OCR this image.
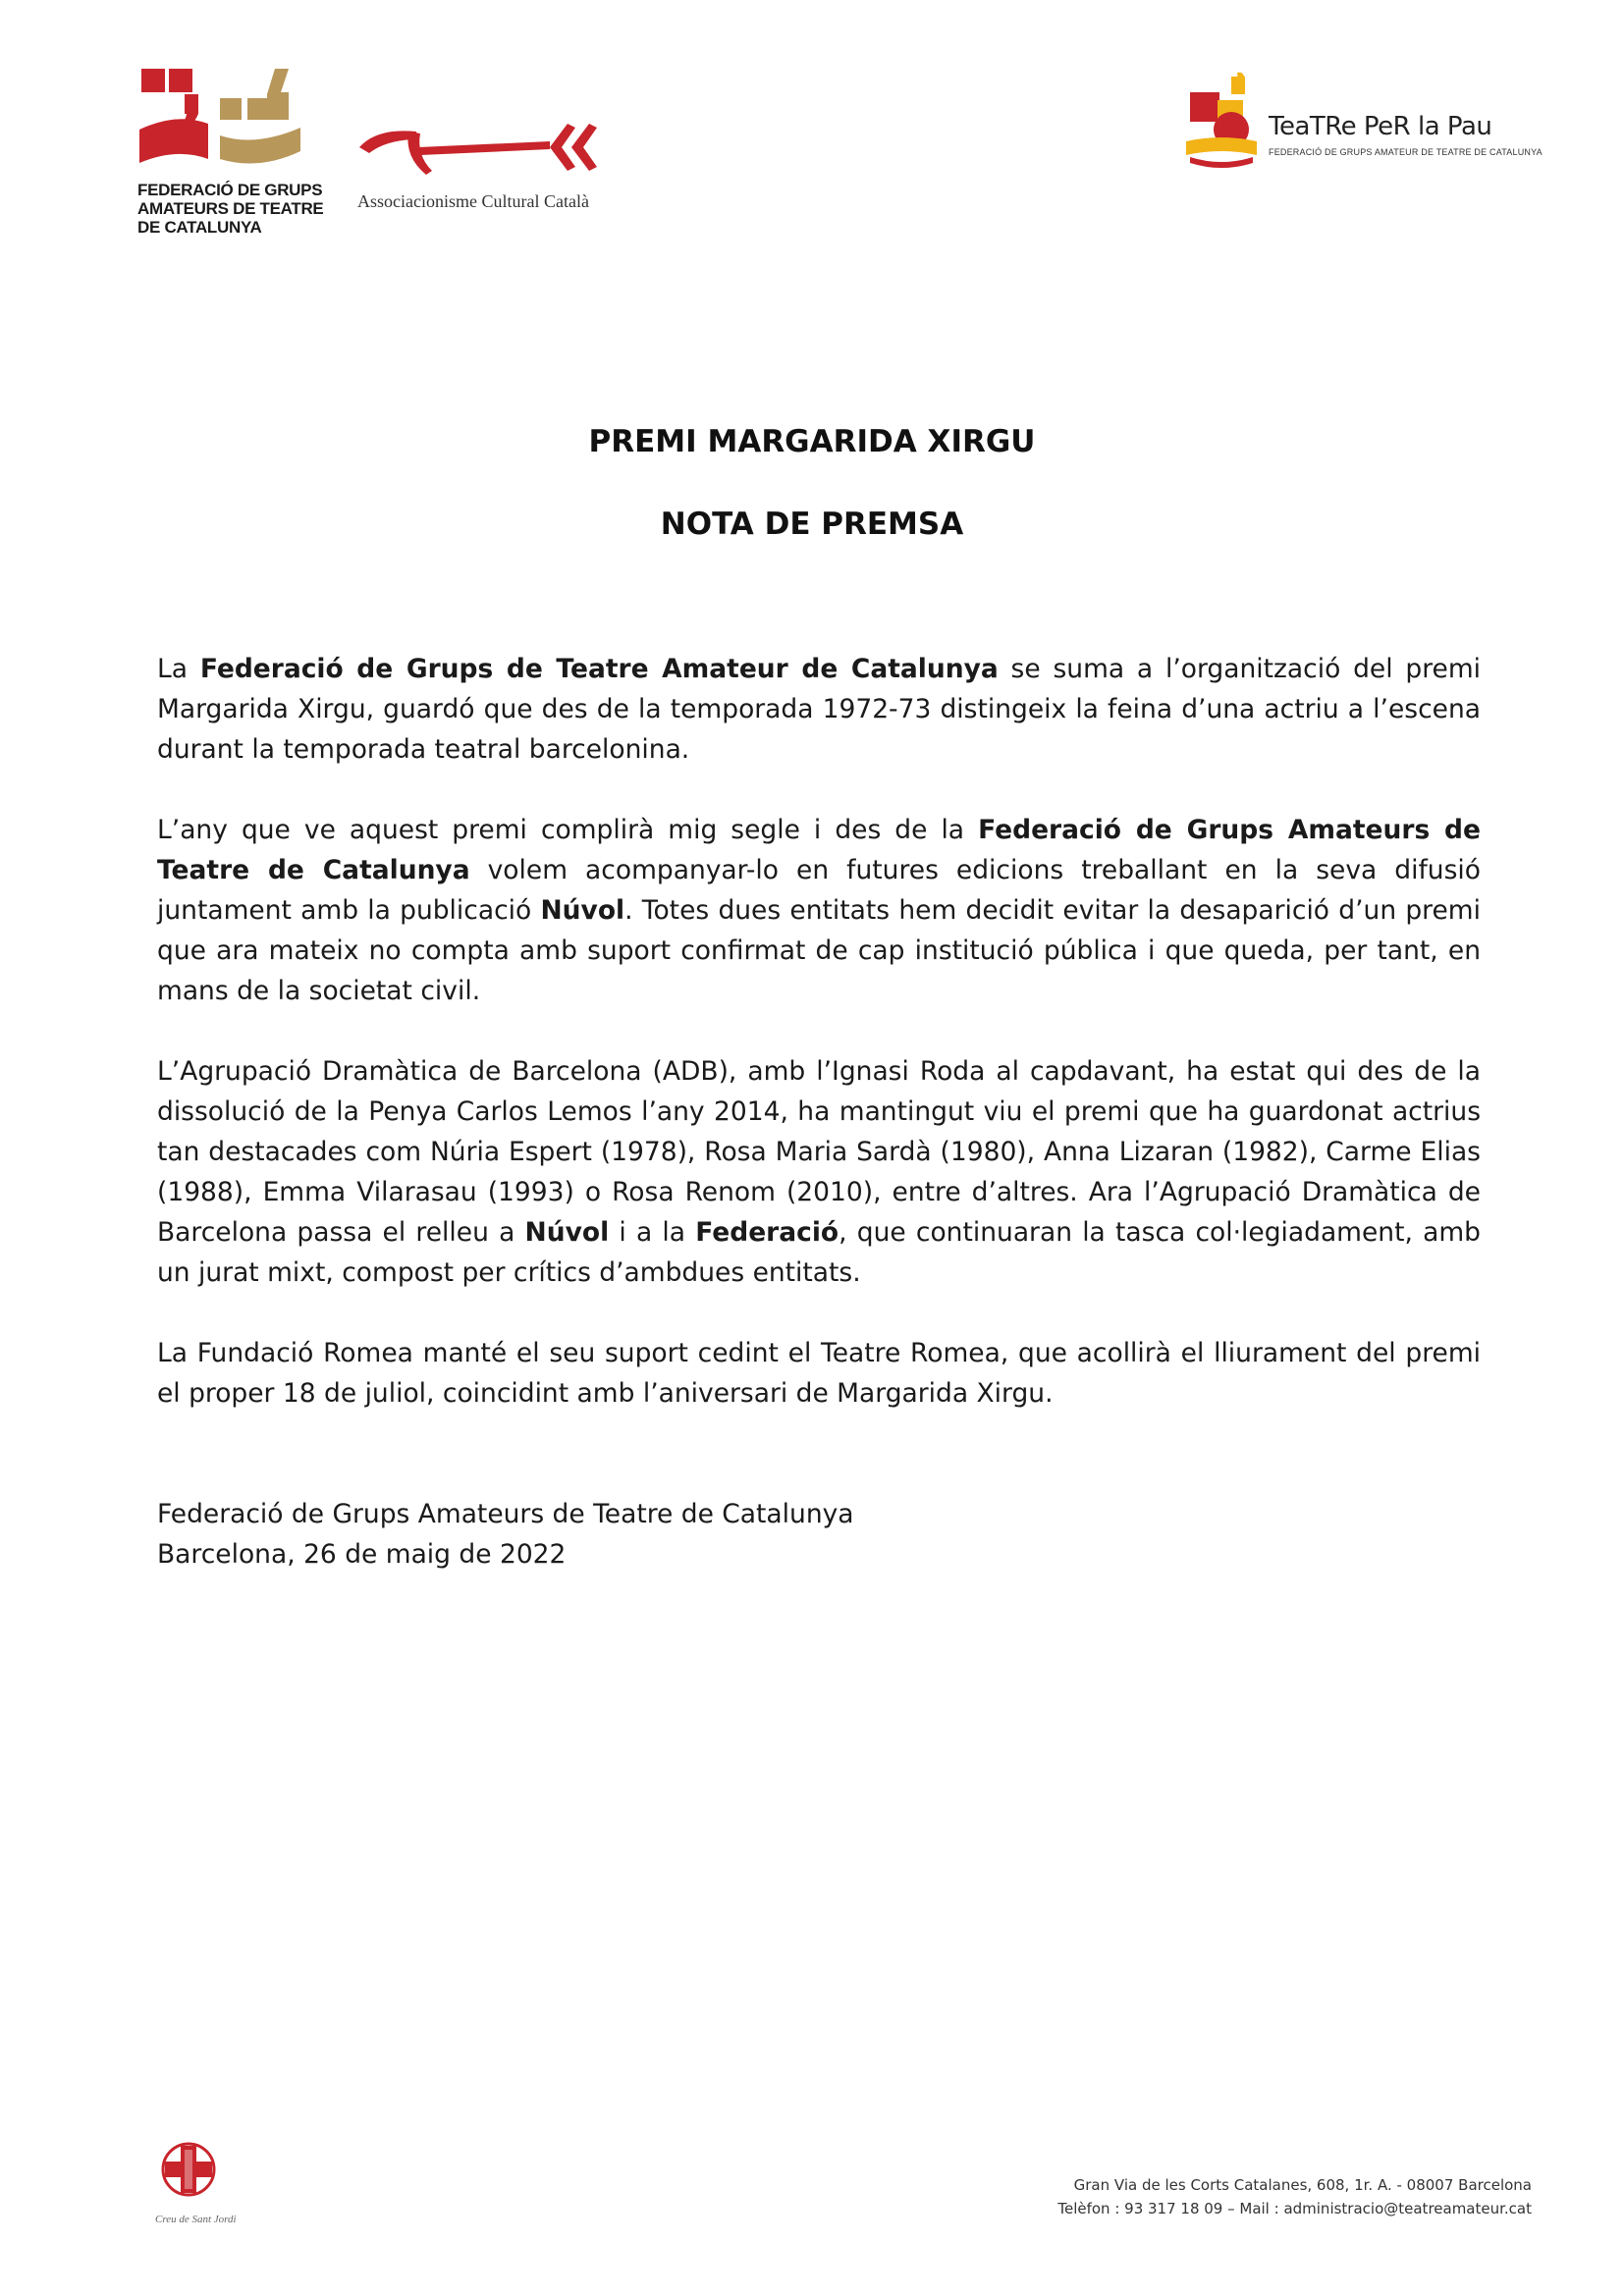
FEDERACIÓ DE GRUPS
AMATEURS DE TEATRE
DE CATALUNYA
Associacionisme Cultural Català
TeaTRe PeR la Pau
FEDERACIÓ DE GRUPS AMATEUR DE TEATRE DE CATALUNYA
PREMI MARGARIDA XIRGU
NOTA DE PREMSA

La Federació de Grups de Teatre Amateur de Catalunya se suma a l’organització del premi Margarida Xirgu, guardó que des de la temporada 1972-73 distingeix la feina d’una actriu a l’escena durant la temporada teatral barcelonina.

L’any que ve aquest premi complirà mig segle i des de la Federació de Grups Amateurs de Teatre de Catalunya volem acompanyar-lo en futures edicions treballant en la seva difusió juntament amb la publicació Núvol. Totes dues entitats hem decidit evitar la desaparició d’un premi que ara mateix no compta amb suport confirmat de cap institució pública i que queda, per tant, en mans de la societat civil.

L’Agrupació Dramàtica de Barcelona (ADB), amb l’Ignasi Roda al capdavant, ha estat qui des de la dissolució de la Penya Carlos Lemos l’any 2014, ha mantingut viu el premi que ha guardonat actrius tan destacades com Núria Espert (1978), Rosa Maria Sardà (1980), Anna Lizaran (1982), Carme Elias (1988), Emma Vilarasau (1993) o Rosa Renom (2010), entre d’altres. Ara l’Agrupació Dramàtica de Barcelona passa el relleu a Núvol i a la Federació, que continuaran la tasca col·legiadament, amb un jurat mixt, compost per crítics d’ambdues entitats.

La Fundació Romea manté el seu suport cedint el Teatre Romea, que acollirà el lliurament del premi el proper 18 de juliol, coincidint amb l’aniversari de Margarida Xirgu.

Federació de Grups Amateurs de Teatre de Catalunya
Barcelona, 26 de maig de 2022
Creu de Sant Jordi
Gran Via de les Corts Catalanes, 608, 1r. A. - 08007 Barcelona
Telèfon : 93 317 18 09 – Mail : administracio@teatreamateur.cat
